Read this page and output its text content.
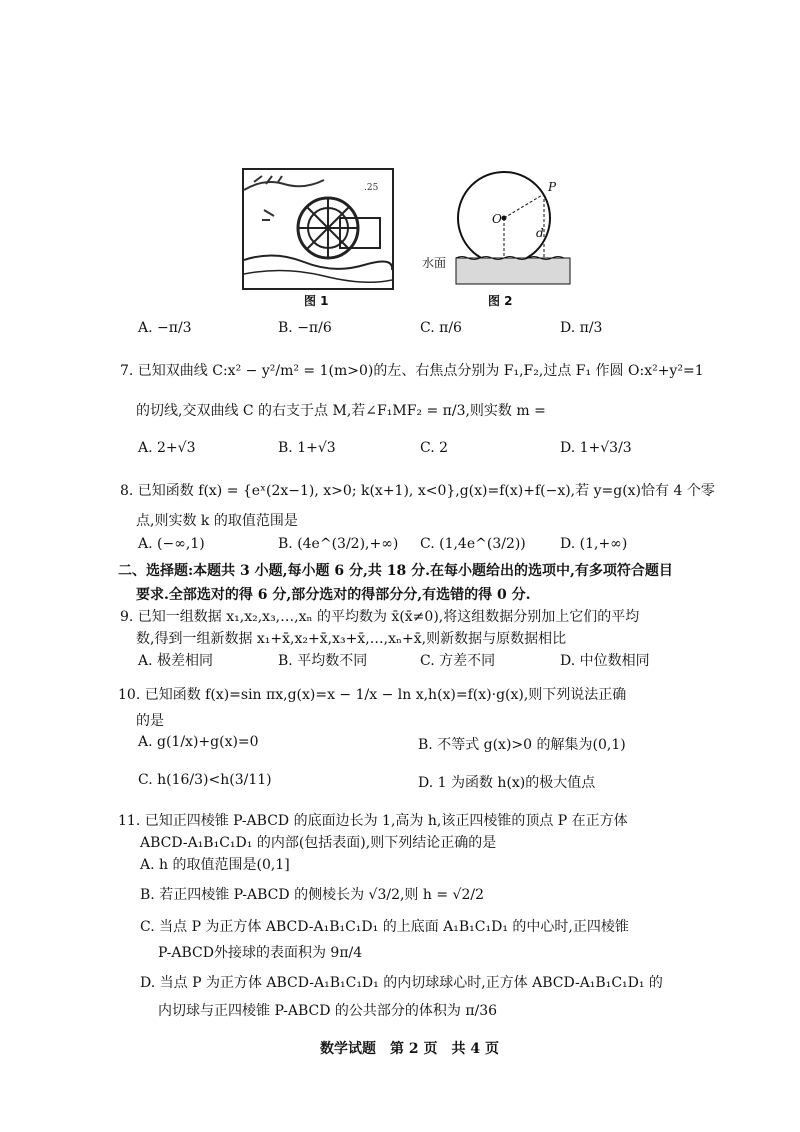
.25
图 1
P
O
d
水面
图 2
A. −π/3	B. −π/6	C. π/6	D. π/3
7. 已知双曲线 C:x² − y²/m² = 1(m>0)的左、右焦点分别为 F₁,F₂,过点 F₁ 作圆 O:x²+y²=1
的切线,交双曲线 C 的右支于点 M,若∠F₁MF₂ = π/3,则实数 m =
A. 2+√3	B. 1+√3	C. 2	D. 1+√3/3
8. 已知函数 f(x) = {eˣ(2x−1), x>0; k(x+1), x<0},g(x)=f(x)+f(−x),若 y=g(x)恰有 4 个零
点,则实数 k 的取值范围是
A. (−∞,1)	B. (4e^(3/2),+∞) C. (1,4e^(3/2)) D. (1,+∞)
二、选择题:本题共 3 小题,每小题 6 分,共 18 分.在每小题给出的选项中,有多项符合题目
要求.全部选对的得 6 分,部分选对的得部分分,有选错的得 0 分.
9. 已知一组数据 x₁,x₂,x₃,…,xₙ 的平均数为 x̄(x̄≠0),将这组数据分别加上它们的平均
数,得到一组新数据 x₁+x̄,x₂+x̄,x₃+x̄,…,xₙ+x̄,则新数据与原数据相比
A. 极差相同	B. 平均数不同	C. 方差不同	D. 中位数相同
10. 已知函数 f(x)=sin πx,g(x)=x − 1/x − ln x,h(x)=f(x)·g(x),则下列说法正确
的是
A. g(1/x)+g(x)=0	B. 不等式 g(x)>0 的解集为(0,1)
C. h(16/3)<h(3/11)	D. 1 为函数 h(x)的极大值点
11. 已知正四棱锥 P-ABCD 的底面边长为 1,高为 h,该正四棱锥的顶点 P 在正方体
ABCD-A₁B₁C₁D₁ 的内部(包括表面),则下列结论正确的是
A. h 的取值范围是(0,1]
B. 若正四棱锥 P-ABCD 的侧棱长为 √3/2,则 h = √2/2
C. 当点 P 为正方体 ABCD-A₁B₁C₁D₁ 的上底面 A₁B₁C₁D₁ 的中心时,正四棱锥
P-ABCD外接球的表面积为 9π/4
D. 当点 P 为正方体 ABCD-A₁B₁C₁D₁ 的内切球球心时,正方体 ABCD-A₁B₁C₁D₁ 的
内切球与正四棱锥 P-ABCD 的公共部分的体积为 π/36
数学试题　第 2 页　共 4 页
